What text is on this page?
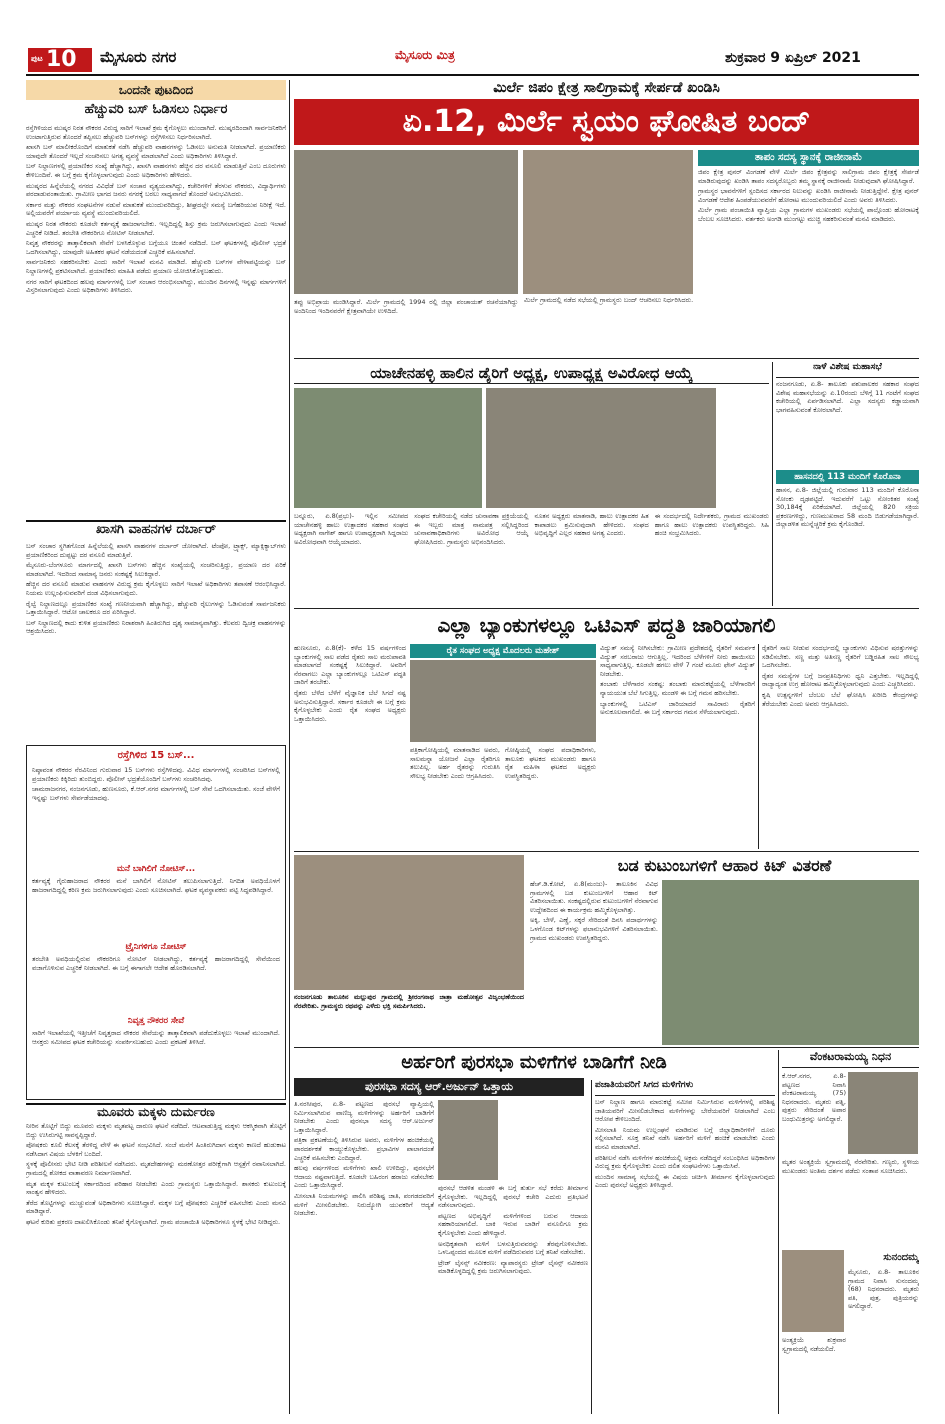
ಪುಟ 10 ಮೈಸೂರು ನಗರ	ಮೈಸೂರು ಮಿತ್ರ	ಶುಕ್ರವಾರ 9 ಏಪ್ರಿಲ್ 2021
ಒಂದನೇ ಪುಟದಿಂದ
ಹೆಚ್ಚುವರಿ ಬಸ್ ಓಡಿಸಲು ನಿರ್ಧಾರ

ರಸ್ತೆಗಿಳಿಯದ ಮುಷ್ಕರ ನಿರತ ನೌಕರರ ವಿರುದ್ಧ ಸಾರಿಗೆ ಇಲಾಖೆ ಕ್ರಮ ಕೈಗೊಳ್ಳಲು ಮುಂದಾಗಿದೆ. ಮುಷ್ಕರದಿಂದಾಗಿ ಸಾರ್ವಜನಿಕರಿಗೆ ಉಂಟಾಗುತ್ತಿರುವ ತೊಂದರೆ ತಪ್ಪಿಸಲು ಹೆಚ್ಚುವರಿ ಬಸ್‌ಗಳನ್ನು ರಸ್ತೆಗಿಳಿಸಲು ನಿರ್ಧರಿಸಲಾಗಿದೆ.

ಖಾಸಗಿ ಬಸ್ ಮಾಲೀಕರೊಂದಿಗೆ ಮಾತುಕತೆ ನಡೆಸಿ ಹೆಚ್ಚುವರಿ ವಾಹನಗಳನ್ನು ಓಡಿಸಲು ಅನುಮತಿ ನೀಡಲಾಗಿದೆ. ಪ್ರಯಾಣಿಕರು ಯಾವುದೇ ತೊಂದರೆ ಇಲ್ಲದೆ ಸಂಚರಿಸಲು ಅಗತ್ಯ ವ್ಯವಸ್ಥೆ ಮಾಡಲಾಗಿದೆ ಎಂದು ಅಧಿಕಾರಿಗಳು ತಿಳಿಸಿದ್ದಾರೆ.

ಬಸ್ ನಿಲ್ದಾಣಗಳಲ್ಲಿ ಪ್ರಯಾಣಿಕರ ಸಂಖ್ಯೆ ಹೆಚ್ಚಾಗಿದ್ದು, ಖಾಸಗಿ ವಾಹನಗಳು ಹೆಚ್ಚಿನ ದರ ವಸೂಲಿ ಮಾಡುತ್ತಿವೆ ಎಂಬ ದೂರುಗಳು ಕೇಳಿಬಂದಿವೆ. ಈ ಬಗ್ಗೆ ಕ್ರಮ ಕೈಗೊಳ್ಳಲಾಗುವುದು ಎಂದು ಅಧಿಕಾರಿಗಳು ಹೇಳಿದರು.

ಮುಷ್ಕರದ ಹಿನ್ನೆಲೆಯಲ್ಲಿ ನಗರದ ವಿವಿಧೆಡೆ ಬಸ್ ಸಂಚಾರ ವ್ಯತ್ಯಯವಾಗಿದ್ದು, ಕಚೇರಿಗಳಿಗೆ ತೆರಳುವ ನೌಕರರು, ವಿದ್ಯಾರ್ಥಿಗಳು ಪರದಾಡುವಂತಾಯಿತು. ಗ್ರಾಮೀಣ ಭಾಗದ ಜನರು ನಗರಕ್ಕೆ ಬರಲು ಸಾಧ್ಯವಾಗದೆ ತೊಂದರೆ ಅನುಭವಿಸಿದರು.

ಸರ್ಕಾರ ಮತ್ತು ನೌಕರರ ಸಂಘಟನೆಗಳ ನಡುವೆ ಮಾತುಕತೆ ಮುಂದುವರಿದಿದ್ದು, ಶೀಘ್ರದಲ್ಲೇ ಸಮಸ್ಯೆ ಬಗೆಹರಿಯುವ ನಿರೀಕ್ಷೆ ಇದೆ. ಅಲ್ಲಿಯವರೆಗೆ ಪರ್ಯಾಯ ವ್ಯವಸ್ಥೆ ಮುಂದುವರಿಯಲಿದೆ.

ಮುಷ್ಕರ ನಿರತ ನೌಕರರು ಕೂಡಲೇ ಕರ್ತವ್ಯಕ್ಕೆ ಹಾಜರಾಗಬೇಕು. ಇಲ್ಲದಿದ್ದಲ್ಲಿ ಶಿಸ್ತು ಕ್ರಮ ಜರುಗಿಸಲಾಗುವುದು ಎಂದು ಇಲಾಖೆ ಎಚ್ಚರಿಕೆ ನೀಡಿದೆ. ತರಬೇತಿ ನೌಕರರಿಗೂ ನೋಟಿಸ್ ನೀಡಲಾಗಿದೆ.

ನಿವೃತ್ತ ನೌಕರರನ್ನು ತಾತ್ಕಾಲಿಕವಾಗಿ ಸೇವೆಗೆ ಬಳಸಿಕೊಳ್ಳುವ ಬಗ್ಗೆಯೂ ಚಿಂತನೆ ನಡೆದಿದೆ. ಬಸ್ ಘಟಕಗಳಲ್ಲಿ ಪೊಲೀಸ್ ಭದ್ರತೆ ಒದಗಿಸಲಾಗಿದ್ದು, ಯಾವುದೇ ಅಹಿತಕರ ಘಟನೆ ನಡೆಯದಂತೆ ಎಚ್ಚರಿಕೆ ವಹಿಸಲಾಗಿದೆ.

ಸಾರ್ವಜನಿಕರು ಸಹಕರಿಸಬೇಕು ಎಂದು ಸಾರಿಗೆ ಇಲಾಖೆ ಮನವಿ ಮಾಡಿದೆ. ಹೆಚ್ಚುವರಿ ಬಸ್‌ಗಳ ವೇಳಾಪಟ್ಟಿಯನ್ನು ಬಸ್ ನಿಲ್ದಾಣಗಳಲ್ಲಿ ಪ್ರಕಟಿಸಲಾಗಿದೆ. ಪ್ರಯಾಣಿಕರು ಮಾಹಿತಿ ಪಡೆದು ಪ್ರಯಾಣ ಯೋಜಿಸಿಕೊಳ್ಳಬಹುದು.

ನಗರ ಸಾರಿಗೆ ಘಟಕದಿಂದ ಹಲವು ಮಾರ್ಗಗಳಲ್ಲಿ ಬಸ್ ಸಂಚಾರ ಆರಂಭಿಸಲಾಗಿದ್ದು, ಮುಂದಿನ ದಿನಗಳಲ್ಲಿ ಇನ್ನಷ್ಟು ಮಾರ್ಗಗಳಿಗೆ ವಿಸ್ತರಿಸಲಾಗುವುದು ಎಂದು ಅಧಿಕಾರಿಗಳು ತಿಳಿಸಿದರು.

ಖಾಸಗಿ ವಾಹನಗಳ ದರ್ಬಾರ್

ಬಸ್ ಸಂಚಾರ ಸ್ಥಗಿತಗೊಂಡ ಹಿನ್ನೆಲೆಯಲ್ಲಿ ಖಾಸಗಿ ವಾಹನಗಳ ದರ್ಬಾರ್ ಜೋರಾಗಿದೆ. ಟೆಂಪೋ, ಟ್ರ್ಯಾಕ್ಸ್, ಮ್ಯಾಕ್ಸಿಕ್ಯಾಬ್‌ಗಳು ಪ್ರಯಾಣಿಕರಿಂದ ದುಪ್ಪಟ್ಟು ದರ ವಸೂಲಿ ಮಾಡುತ್ತಿವೆ.

ಮೈಸೂರು-ಬೆಂಗಳೂರು ಮಾರ್ಗದಲ್ಲಿ ಖಾಸಗಿ ಬಸ್‌ಗಳು ಹೆಚ್ಚಿನ ಸಂಖ್ಯೆಯಲ್ಲಿ ಸಂಚರಿಸುತ್ತಿದ್ದು, ಪ್ರಯಾಣ ದರ ಏರಿಕೆ ಮಾಡಲಾಗಿದೆ. ಇದರಿಂದ ಸಾಮಾನ್ಯ ಜನರು ಸಂಕಷ್ಟಕ್ಕೆ ಸಿಲುಕಿದ್ದಾರೆ.

ಹೆಚ್ಚಿನ ದರ ವಸೂಲಿ ಮಾಡುವ ವಾಹನಗಳ ವಿರುದ್ಧ ಕ್ರಮ ಕೈಗೊಳ್ಳಲು ಸಾರಿಗೆ ಇಲಾಖೆ ಅಧಿಕಾರಿಗಳು ತಪಾಸಣೆ ಆರಂಭಿಸಿದ್ದಾರೆ. ನಿಯಮ ಉಲ್ಲಂಘಿಸುವವರಿಗೆ ದಂಡ ವಿಧಿಸಲಾಗುವುದು.

ರೈಲ್ವೆ ನಿಲ್ದಾಣದಲ್ಲೂ ಪ್ರಯಾಣಿಕರ ಸಂಖ್ಯೆ ಗಣನೀಯವಾಗಿ ಹೆಚ್ಚಾಗಿದ್ದು, ಹೆಚ್ಚುವರಿ ರೈಲುಗಳನ್ನು ಓಡಿಸುವಂತೆ ಸಾರ್ವಜನಿಕರು ಒತ್ತಾಯಿಸಿದ್ದಾರೆ. ಆಟೋ ಚಾಲಕರೂ ದರ ಏರಿಸಿದ್ದಾರೆ.

ಬಸ್ ನಿಲ್ದಾಣದಲ್ಲಿ ಕಾದು ಕುಳಿತ ಪ್ರಯಾಣಿಕರು ನಿರಾಶರಾಗಿ ಹಿಂತಿರುಗಿದ ದೃಶ್ಯ ಸಾಮಾನ್ಯವಾಗಿತ್ತು. ಕೆಲವರು ದ್ವಿಚಕ್ರ ವಾಹನಗಳನ್ನು ಆಶ್ರಯಿಸಿದರು.

ರಸ್ತೆಗಿಳಿದ 15 ಬಸ್...

ನಿಷ್ಠಾವಂತ ನೌಕರರ ನೆರವಿನಿಂದ ಗುರುವಾರ 15 ಬಸ್‌ಗಳು ರಸ್ತೆಗಿಳಿದವು. ವಿವಿಧ ಮಾರ್ಗಗಳಲ್ಲಿ ಸಂಚರಿಸಿದ ಬಸ್‌ಗಳಲ್ಲಿ ಪ್ರಯಾಣಿಕರು ಕಿಕ್ಕಿರಿದು ತುಂಬಿದ್ದರು. ಪೊಲೀಸ್ ಭದ್ರತೆಯೊಂದಿಗೆ ಬಸ್‌ಗಳು ಸಂಚರಿಸಿದವು.

ಚಾಮರಾಜನಗರ, ನಂಜನಗೂಡು, ಹುಣಸೂರು, ಕೆ.ಆರ್.ನಗರ ಮಾರ್ಗಗಳಲ್ಲಿ ಬಸ್ ಸೇವೆ ಒದಗಿಸಲಾಯಿತು. ಸಂಜೆ ವೇಳೆಗೆ ಇನ್ನಷ್ಟು ಬಸ್‌ಗಳು ಸೇರ್ಪಡೆಯಾದವು.

ಮನೆ ಬಾಗಿಲಿಗೆ ನೋಟಿಸ್...

ಕರ್ತವ್ಯಕ್ಕೆ ಗೈರುಹಾಜರಾದ ನೌಕರರ ಮನೆ ಬಾಗಿಲಿಗೆ ನೋಟಿಸ್ ತಲುಪಿಸಲಾಗುತ್ತಿದೆ. ನಿಗದಿತ ಅವಧಿಯೊಳಗೆ ಹಾಜರಾಗದಿದ್ದಲ್ಲಿ ಕಠಿಣ ಕ್ರಮ ಜರುಗಿಸಲಾಗುವುದು ಎಂದು ಸೂಚಿಸಲಾಗಿದೆ. ಘಟಕ ವ್ಯವಸ್ಥಾಪಕರು ಪಟ್ಟಿ ಸಿದ್ಧಪಡಿಸಿದ್ದಾರೆ.

ಟ್ರೈನಿಗಳಿಗೂ ನೋಟಿಸ್

ತರಬೇತಿ ಅವಧಿಯಲ್ಲಿರುವ ನೌಕರರಿಗೂ ನೋಟಿಸ್ ನೀಡಲಾಗಿದ್ದು, ಕರ್ತವ್ಯಕ್ಕೆ ಹಾಜರಾಗದಿದ್ದಲ್ಲಿ ಸೇವೆಯಿಂದ ವಜಾಗೊಳಿಸುವ ಎಚ್ಚರಿಕೆ ನೀಡಲಾಗಿದೆ. ಈ ಬಗ್ಗೆ ಈಗಾಗಲೇ ಆದೇಶ ಹೊರಡಿಸಲಾಗಿದೆ.

ನಿವೃತ್ತ ನೌಕರರ ಸೇವೆ

ಸಾರಿಗೆ ಇಲಾಖೆಯಲ್ಲಿ ಇತ್ತೀಚೆಗೆ ನಿವೃತ್ತರಾದ ನೌಕರರ ಸೇವೆಯನ್ನು ತಾತ್ಕಾಲಿಕವಾಗಿ ಪಡೆದುಕೊಳ್ಳಲು ಇಲಾಖೆ ಮುಂದಾಗಿದೆ. ಆಸಕ್ತರು ಸಮೀಪದ ಘಟಕ ಕಚೇರಿಯನ್ನು ಸಂಪರ್ಕಿಸಬಹುದು ಎಂದು ಪ್ರಕಟಣೆ ತಿಳಿಸಿದೆ.

ಮೂವರು ಮಕ್ಕಳು ದುರ್ಮರಣ

ನೀರಿನ ತೊಟ್ಟಿಗೆ ಬಿದ್ದು ಮೂವರು ಮಕ್ಕಳು ಮೃತಪಟ್ಟ ದಾರುಣ ಘಟನೆ ನಡೆದಿದೆ. ಆಟವಾಡುತ್ತಿದ್ದ ಮಕ್ಕಳು ಆಕಸ್ಮಿಕವಾಗಿ ತೊಟ್ಟಿಗೆ ಬಿದ್ದು ಉಸಿರುಗಟ್ಟಿ ಸಾವನ್ನಪ್ಪಿದ್ದಾರೆ.

ಪೋಷಕರು ಕೂಲಿ ಕೆಲಸಕ್ಕೆ ತೆರಳಿದ್ದ ವೇಳೆ ಈ ಘಟನೆ ಸಂಭವಿಸಿದೆ. ಸಂಜೆ ಮನೆಗೆ ಹಿಂತಿರುಗಿದಾಗ ಮಕ್ಕಳು ಕಾಣದೆ ಹುಡುಕಾಟ ನಡೆಸಿದಾಗ ವಿಷಯ ಬೆಳಕಿಗೆ ಬಂದಿದೆ.

ಸ್ಥಳಕ್ಕೆ ಪೊಲೀಸರು ಭೇಟಿ ನೀಡಿ ಪರಿಶೀಲನೆ ನಡೆಸಿದರು. ಮೃತದೇಹಗಳನ್ನು ಮರಣೋತ್ತರ ಪರೀಕ್ಷೆಗಾಗಿ ಆಸ್ಪತ್ರೆಗೆ ರವಾನಿಸಲಾಗಿದೆ. ಗ್ರಾಮದಲ್ಲಿ ಶೋಕದ ವಾತಾವರಣ ನಿರ್ಮಾಣವಾಗಿದೆ.

ಮೃತ ಮಕ್ಕಳ ಕುಟುಂಬಕ್ಕೆ ಸರ್ಕಾರದಿಂದ ಪರಿಹಾರ ನೀಡಬೇಕು ಎಂದು ಗ್ರಾಮಸ್ಥರು ಒತ್ತಾಯಿಸಿದ್ದಾರೆ. ಶಾಸಕರು ಕುಟುಂಬಕ್ಕೆ ಸಾಂತ್ವನ ಹೇಳಿದರು.

ತೆರೆದ ತೊಟ್ಟಿಗಳನ್ನು ಮುಚ್ಚುವಂತೆ ಅಧಿಕಾರಿಗಳು ಸೂಚಿಸಿದ್ದಾರೆ. ಮಕ್ಕಳ ಬಗ್ಗೆ ಪೋಷಕರು ಎಚ್ಚರಿಕೆ ವಹಿಸಬೇಕು ಎಂದು ಮನವಿ ಮಾಡಿದ್ದಾರೆ.

ಘಟನೆ ಕುರಿತು ಪ್ರಕರಣ ದಾಖಲಿಸಿಕೊಂಡು ತನಿಖೆ ಕೈಗೊಳ್ಳಲಾಗಿದೆ. ಗ್ರಾಮ ಪಂಚಾಯಿತಿ ಅಧಿಕಾರಿಗಳೂ ಸ್ಥಳಕ್ಕೆ ಭೇಟಿ ನೀಡಿದ್ದರು.

ಮಿರ್ಲೆ ಜಿಪಂ ಕ್ಷೇತ್ರ ಸಾಲಿಗ್ರಾಮಕ್ಕೆ ಸೇರ್ಪಡೆ ಖಂಡಿಸಿ
ಏ.12, ಮಿರ್ಲೆ ಸ್ವಯಂ ಘೋಷಿತ ಬಂದ್

ಮಿರ್ಲೆ ಗ್ರಾಮದಲ್ಲಿ ನಡೆದ ಸಭೆಯಲ್ಲಿ ಗ್ರಾಮಸ್ಥರು ಬಂದ್ ಆಚರಿಸಲು ನಿರ್ಧರಿಸಿದರು.

ತಪ್ಪು ಅಭಿಪ್ರಾಯ ಮಂಡಿಸಿದ್ದಾರೆ. ಮಿರ್ಲೆ ಗ್ರಾಮದಲ್ಲಿ 1994 ರಲ್ಲಿ ಜಿಲ್ಲಾ ಪಂಚಾಯತ್ ರಚನೆಯಾಗಿದ್ದು ಅಂದಿನಿಂದ ಇಂದಿನವರೆಗೆ ಕ್ಷೇತ್ರವಾಗಿಯೇ ಉಳಿದಿದೆ.

ತಾಪಂ ಸದಸ್ಯ ಸ್ಥಾನಕ್ಕೆ ರಾಜೀನಾಮೆ

ಜಿಪಂ ಕ್ಷೇತ್ರ ಪುನರ್ ವಿಂಗಡಣೆ ವೇಳೆ ಮಿರ್ಲೆ ಜಿಪಂ ಕ್ಷೇತ್ರವನ್ನು ಸಾಲಿಗ್ರಾಮ ಜಿಪಂ ಕ್ಷೇತ್ರಕ್ಕೆ ಸೇರ್ಪಡೆ ಮಾಡಿರುವುದನ್ನು ಖಂಡಿಸಿ ತಾಪಂ ಸದಸ್ಯರೊಬ್ಬರು ತಮ್ಮ ಸ್ಥಾನಕ್ಕೆ ರಾಜೀನಾಮೆ ನೀಡುವುದಾಗಿ ಘೋಷಿಸಿದ್ದಾರೆ.

ಗ್ರಾಮಸ್ಥರ ಭಾವನೆಗಳಿಗೆ ಸ್ಪಂದಿಸದ ಸರ್ಕಾರದ ನಿಲುವನ್ನು ಖಂಡಿಸಿ ರಾಜೀನಾಮೆ ನೀಡುತ್ತಿದ್ದೇನೆ. ಕ್ಷೇತ್ರ ಪುನರ್ ವಿಂಗಡಣೆ ಆದೇಶ ಹಿಂಪಡೆಯುವವರೆಗೆ ಹೋರಾಟ ಮುಂದುವರಿಯಲಿದೆ ಎಂದು ಅವರು ತಿಳಿಸಿದರು.

ಮಿರ್ಲೆ ಗ್ರಾಮ ಪಂಚಾಯಿತಿ ವ್ಯಾಪ್ತಿಯ ಎಲ್ಲಾ ಗ್ರಾಮಗಳ ಮುಖಂಡರು ಸಭೆಯಲ್ಲಿ ಪಾಲ್ಗೊಂಡು ಹೋರಾಟಕ್ಕೆ ಬೆಂಬಲ ಸೂಚಿಸಿದರು. ವರ್ತಕರು ಅಂಗಡಿ ಮುಂಗಟ್ಟು ಮುಚ್ಚಿ ಸಹಕರಿಸುವಂತೆ ಮನವಿ ಮಾಡಿದರು.

ಯಾಚೇನಹಳ್ಳಿ ಹಾಲಿನ ಡೈರಿಗೆ ಅಧ್ಯಕ್ಷ, ಉಪಾಧ್ಯಕ್ಷ ಅವಿರೋಧ ಆಯ್ಕೆ

ಬನ್ನೂರು, ಏ.8(ಪ್ರಭು)- ಇಲ್ಲಿನ ಸಮೀಪದ ಯಾಚೇನಹಳ್ಳಿ ಹಾಲು ಉತ್ಪಾದಕರ ಸಹಕಾರ ಸಂಘದ ಅಧ್ಯಕ್ಷರಾಗಿ ನಾಗೇಶ್ ಹಾಗೂ ಉಪಾಧ್ಯಕ್ಷರಾಗಿ ಸಿದ್ದರಾಜು ಅವಿರೋಧವಾಗಿ ಆಯ್ಕೆಯಾದರು.

ಸಂಘದ ಕಚೇರಿಯಲ್ಲಿ ನಡೆದ ಚುನಾವಣಾ ಪ್ರಕ್ರಿಯೆಯಲ್ಲಿ ಈ ಇಬ್ಬರು ಮಾತ್ರ ನಾಮಪತ್ರ ಸಲ್ಲಿಸಿದ್ದರಿಂದ ಚುನಾವಣಾಧಿಕಾರಿಗಳು ಅವಿರೋಧ ಆಯ್ಕೆ ಘೋಷಿಸಿದರು. ಗ್ರಾಮಸ್ಥರು ಅಭಿನಂದಿಸಿದರು.

ನೂತನ ಅಧ್ಯಕ್ಷರು ಮಾತನಾಡಿ, ಹಾಲು ಉತ್ಪಾದಕರ ಹಿತ ಕಾಪಾಡಲು ಶ್ರಮಿಸುವುದಾಗಿ ಹೇಳಿದರು. ಸಂಘದ ಅಭಿವೃದ್ಧಿಗೆ ಎಲ್ಲರ ಸಹಕಾರ ಅಗತ್ಯ ಎಂದರು.

ಈ ಸಂದರ್ಭದಲ್ಲಿ ನಿರ್ದೇಶಕರು, ಗ್ರಾಮದ ಮುಖಂಡರು ಹಾಗೂ ಹಾಲು ಉತ್ಪಾದಕರು ಉಪಸ್ಥಿತರಿದ್ದರು. ಸಿಹಿ ಹಂಚಿ ಸಂಭ್ರಮಿಸಿದರು.

ನಾಳೆ ವಿಶೇಷ ಮಹಾಸಭೆ

ನಂಜನಗೂಡು, ಏ.8- ತಾಲೂಕು ಪಶುಪಾಲಕರ ಸಹಕಾರ ಸಂಘದ ವಿಶೇಷ ಮಹಾಸಭೆಯನ್ನು ಏ.10ರಂದು ಬೆಳಿಗ್ಗೆ 11 ಗಂಟೆಗೆ ಸಂಘದ ಕಚೇರಿಯಲ್ಲಿ ಏರ್ಪಡಿಸಲಾಗಿದೆ. ಎಲ್ಲಾ ಸದಸ್ಯರು ಕಡ್ಡಾಯವಾಗಿ ಭಾಗವಹಿಸುವಂತೆ ಕೋರಲಾಗಿದೆ.

ಹಾಸನದಲ್ಲಿ 113 ಮಂದಿಗೆ ಕೊರೊನಾ

ಹಾಸನ, ಏ.8- ಜಿಲ್ಲೆಯಲ್ಲಿ ಗುರುವಾರ 113 ಮಂದಿಗೆ ಕೊರೊನಾ ಸೋಂಕು ದೃಢಪಟ್ಟಿದೆ. ಇದುವರೆಗೆ ಒಟ್ಟು ಸೋಂಕಿತರ ಸಂಖ್ಯೆ 30,184ಕ್ಕೆ ಏರಿಕೆಯಾಗಿದೆ. ಜಿಲ್ಲೆಯಲ್ಲಿ 820 ಸಕ್ರಿಯ ಪ್ರಕರಣಗಳಿದ್ದು, ಗುಣಮುಖರಾದ 58 ಮಂದಿ ಬಿಡುಗಡೆಯಾಗಿದ್ದಾರೆ. ಜಿಲ್ಲಾಡಳಿತ ಮುನ್ನೆಚ್ಚರಿಕೆ ಕ್ರಮ ಕೈಗೊಂಡಿದೆ.

ಎಲ್ಲಾ ಬ್ಯಾಂಕುಗಳಲ್ಲೂ ಒಟಿಎಸ್ ಪದ್ಧತಿ ಜಾರಿಯಾಗಲಿ

ಹುಣಸೂರು, ಏ.8(ಕೆ)- ಕಳೆದ 15 ವರ್ಷಗಳಿಂದ ಬ್ಯಾಂಕುಗಳಲ್ಲಿ ಸಾಲ ಪಡೆದ ರೈತರು ಸಾಲ ಮರುಪಾವತಿ ಮಾಡಲಾಗದೆ ಸಂಕಷ್ಟಕ್ಕೆ ಸಿಲುಕಿದ್ದಾರೆ. ಅವರಿಗೆ ನೆರವಾಗಲು ಎಲ್ಲಾ ಬ್ಯಾಂಕುಗಳಲ್ಲೂ ಒಟಿಎಸ್ ಪದ್ಧತಿ ಜಾರಿಗೆ ತರಬೇಕು.

ರೈತರು ಬೆಳೆದ ಬೆಳೆಗೆ ವೈಜ್ಞಾನಿಕ ಬೆಲೆ ಸಿಗದೆ ನಷ್ಟ ಅನುಭವಿಸುತ್ತಿದ್ದಾರೆ. ಸರ್ಕಾರ ಕೂಡಲೇ ಈ ಬಗ್ಗೆ ಕ್ರಮ ಕೈಗೊಳ್ಳಬೇಕು ಎಂದು ರೈತ ಸಂಘದ ಅಧ್ಯಕ್ಷರು ಒತ್ತಾಯಿಸಿದರು.

ರೈತ ಸಂಘದ ಅಧ್ಯಕ್ಷ ಮೊದಲರು ಮಹೇಶ್

ಪತ್ರಿಕಾಗೋಷ್ಠಿಯಲ್ಲಿ ಮಾತನಾಡಿದ ಅವರು, ಸಾಲಮನ್ನಾ ಯೋಜನೆ ಎಲ್ಲಾ ರೈತರಿಗೂ ತಲುಪಿಲ್ಲ. ಅರ್ಹ ರೈತರನ್ನು ಗುರುತಿಸಿ ಸೌಲಭ್ಯ ನೀಡಬೇಕು ಎಂದು ಆಗ್ರಹಿಸಿದರು.

ಗೋಷ್ಠಿಯಲ್ಲಿ ಸಂಘದ ಪದಾಧಿಕಾರಿಗಳು, ತಾಲೂಕು ಘಟಕದ ಮುಖಂಡರು ಹಾಗೂ ರೈತ ಮಹಿಳಾ ಘಟಕದ ಅಧ್ಯಕ್ಷರು ಉಪಸ್ಥಿತರಿದ್ದರು.

ವಿದ್ಯುತ್ ಸಮಸ್ಯೆ ನೀಗಿಸಬೇಕು: ಗ್ರಾಮೀಣ ಪ್ರದೇಶದಲ್ಲಿ ರೈತರಿಗೆ ಸಮರ್ಪಕ ವಿದ್ಯುತ್ ಸರಬರಾಜು ಆಗುತ್ತಿಲ್ಲ. ಇದರಿಂದ ಬೆಳೆಗಳಿಗೆ ನೀರು ಹಾಯಿಸಲು ಸಾಧ್ಯವಾಗುತ್ತಿಲ್ಲ. ಕೂಡಲೇ ಹಗಲು ವೇಳೆ 7 ಗಂಟೆ ಮೂರು ಫೇಸ್ ವಿದ್ಯುತ್ ನೀಡಬೇಕು.

ತಂಬಾಕು ಬೆಳೆಗಾರರ ಸಂಕಷ್ಟ: ತಂಬಾಕು ಮಾರುಕಟ್ಟೆಯಲ್ಲಿ ಬೆಳೆಗಾರರಿಗೆ ನ್ಯಾಯಯುತ ಬೆಲೆ ಸಿಗುತ್ತಿಲ್ಲ. ಮಂಡಳಿ ಈ ಬಗ್ಗೆ ಗಮನ ಹರಿಸಬೇಕು.

ಬ್ಯಾಂಕುಗಳಲ್ಲಿ ಒಟಿಎಸ್ ಜಾರಿಯಾದರೆ ಸಾವಿರಾರು ರೈತರಿಗೆ ಅನುಕೂಲವಾಗಲಿದೆ. ಈ ಬಗ್ಗೆ ಸರ್ಕಾರದ ಗಮನ ಸೆಳೆಯಲಾಗುವುದು.

ರೈತರಿಗೆ ಸಾಲ ನೀಡುವ ಸಂದರ್ಭದಲ್ಲಿ ಬ್ಯಾಂಕುಗಳು ವಿಧಿಸುವ ಷರತ್ತುಗಳನ್ನು ಸಡಿಲಿಸಬೇಕು. ಸಣ್ಣ ಮತ್ತು ಅತಿಸಣ್ಣ ರೈತರಿಗೆ ಬಡ್ಡಿರಹಿತ ಸಾಲ ಸೌಲಭ್ಯ ಒದಗಿಸಬೇಕು.

ರೈತರ ಸಮಸ್ಯೆಗಳ ಬಗ್ಗೆ ಜನಪ್ರತಿನಿಧಿಗಳು ಧ್ವನಿ ಎತ್ತಬೇಕು. ಇಲ್ಲದಿದ್ದಲ್ಲಿ ರಾಜ್ಯಾದ್ಯಂತ ಉಗ್ರ ಹೋರಾಟ ಹಮ್ಮಿಕೊಳ್ಳಲಾಗುವುದು ಎಂದು ಎಚ್ಚರಿಸಿದರು.

ಕೃಷಿ ಉತ್ಪನ್ನಗಳಿಗೆ ಬೆಂಬಲ ಬೆಲೆ ಘೋಷಿಸಿ ಖರೀದಿ ಕೇಂದ್ರಗಳನ್ನು ತೆರೆಯಬೇಕು ಎಂದು ಅವರು ಆಗ್ರಹಿಸಿದರು.

ನಂಜನಗೂಡು ತಾಲೂಕಿನ ಮಲ್ಲುಪುರ ಗ್ರಾಮದಲ್ಲಿ ಶ್ರೀರಂಗನಾಥ ಜಾತ್ರಾ ಮಹೋತ್ಸವ ವಿಜೃಂಭಣೆಯಿಂದ ನೆರವೇರಿತು. ಗ್ರಾಮಸ್ಥರು ರಥವನ್ನು ಎಳೆದು ಭಕ್ತಿ ಸಮರ್ಪಿಸಿದರು.
ಬಡ ಕುಟುಂಬಗಳಿಗೆ ಆಹಾರ ಕಿಟ್ ವಿತರಣೆ

ಹೆಚ್.ಡಿ.ಕೋಟೆ, ಏ.8(ಮಂಜು)- ತಾಲೂಕಿನ ವಿವಿಧ ಗ್ರಾಮಗಳಲ್ಲಿ ಬಡ ಕುಟುಂಬಗಳಿಗೆ ಆಹಾರ ಕಿಟ್ ವಿತರಿಸಲಾಯಿತು. ಸಂಕಷ್ಟದಲ್ಲಿರುವ ಕುಟುಂಬಗಳಿಗೆ ನೆರವಾಗುವ ಉದ್ದೇಶದಿಂದ ಈ ಕಾರ್ಯಕ್ರಮ ಹಮ್ಮಿಕೊಳ್ಳಲಾಗಿತ್ತು.

ಅಕ್ಕಿ, ಬೇಳೆ, ಎಣ್ಣೆ, ಸಕ್ಕರೆ ಸೇರಿದಂತೆ ದಿನಸಿ ಪದಾರ್ಥಗಳನ್ನು ಒಳಗೊಂಡ ಕಿಟ್‌ಗಳನ್ನು ಫಲಾನುಭವಿಗಳಿಗೆ ವಿತರಿಸಲಾಯಿತು. ಗ್ರಾಮದ ಮುಖಂಡರು ಉಪಸ್ಥಿತರಿದ್ದರು.

ಅರ್ಹರಿಗೆ ಪುರಸಭಾ ಮಳಿಗೆಗಳ ಬಾಡಿಗೆಗೆ ನೀಡಿ
ಪುರಸಭಾ ಸದಸ್ಯ ಆರ್.ಅರ್ಜುನ್ ಒತ್ತಾಯ

ತಿ.ನರಸೀಪುರ, ಏ.8- ಪಟ್ಟಣದ ಪುರಸಭೆ ವ್ಯಾಪ್ತಿಯಲ್ಲಿ ನಿರ್ಮಿಸಲಾಗಿರುವ ವಾಣಿಜ್ಯ ಮಳಿಗೆಗಳನ್ನು ಅರ್ಹರಿಗೆ ಬಾಡಿಗೆಗೆ ನೀಡಬೇಕು ಎಂದು ಪುರಸಭಾ ಸದಸ್ಯ ಆರ್.ಅರ್ಜುನ್ ಒತ್ತಾಯಿಸಿದ್ದಾರೆ.

ಪತ್ರಿಕಾ ಪ್ರಕಟಣೆಯಲ್ಲಿ ತಿಳಿಸಿರುವ ಅವರು, ಮಳಿಗೆಗಳ ಹಂಚಿಕೆಯಲ್ಲಿ ಪಾರದರ್ಶಕತೆ ಕಾಯ್ದುಕೊಳ್ಳಬೇಕು. ಪ್ರಭಾವಿಗಳ ಪಾಲಾಗದಂತೆ ಎಚ್ಚರಿಕೆ ವಹಿಸಬೇಕು ಎಂದಿದ್ದಾರೆ.

ಹಲವು ವರ್ಷಗಳಿಂದ ಮಳಿಗೆಗಳು ಖಾಲಿ ಉಳಿದಿದ್ದು, ಪುರಸಭೆಗೆ ಆದಾಯ ನಷ್ಟವಾಗುತ್ತಿದೆ. ಕೂಡಲೇ ಬಹಿರಂಗ ಹರಾಜು ನಡೆಸಬೇಕು ಎಂದು ಒತ್ತಾಯಿಸಿದ್ದಾರೆ.

ಮೀಸಲಾತಿ ನಿಯಮಗಳನ್ನು ಪಾಲಿಸಿ ಪರಿಶಿಷ್ಟ ಜಾತಿ, ಪಂಗಡದವರಿಗೆ ಮಳಿಗೆ ಮೀಸಲಿಡಬೇಕು. ನಿರುದ್ಯೋಗಿ ಯುವಕರಿಗೆ ಆದ್ಯತೆ ನೀಡಬೇಕು.

ಪುರಸಭೆ ಆಡಳಿತ ಮಂಡಳಿ ಈ ಬಗ್ಗೆ ತುರ್ತು ಸಭೆ ಕರೆದು ತೀರ್ಮಾನ ಕೈಗೊಳ್ಳಬೇಕು. ಇಲ್ಲದಿದ್ದಲ್ಲಿ ಪುರಸಭೆ ಕಚೇರಿ ಎದುರು ಪ್ರತಿಭಟನೆ ನಡೆಸಲಾಗುವುದು.

ಪಟ್ಟಣದ ಅಭಿವೃದ್ಧಿಗೆ ಮಳಿಗೆಗಳಿಂದ ಬರುವ ಆದಾಯ ಸಹಕಾರಿಯಾಗಲಿದೆ. ಬಾಕಿ ಇರುವ ಬಾಡಿಗೆ ವಸೂಲಿಗೂ ಕ್ರಮ ಕೈಗೊಳ್ಳಬೇಕು ಎಂದು ಹೇಳಿದ್ದಾರೆ.

ಅನಧಿಕೃತವಾಗಿ ಮಳಿಗೆ ಬಳಸುತ್ತಿರುವವರನ್ನು ತೆರವುಗೊಳಿಸಬೇಕು. ಒಳಒಪ್ಪಂದದ ಮೂಲಕ ಮಳಿಗೆ ಪಡೆದಿರುವವರ ಬಗ್ಗೆ ತನಿಖೆ ನಡೆಸಬೇಕು.

ಟ್ರೇಡ್ ಲೈಸನ್ಸ್ ನವೀಕರಣ: ವ್ಯಾಪಾರಸ್ಥರು ಟ್ರೇಡ್ ಲೈಸನ್ಸ್ ನವೀಕರಣ ಮಾಡಿಕೊಳ್ಳದಿದ್ದಲ್ಲಿ ಕ್ರಮ ಜರುಗಿಸಲಾಗುವುದು.

ಪಜಾತಿಯವರಿಗೆ ಸಿಗದ ಮಳಿಗೆಗಳು

ಬಸ್ ನಿಲ್ದಾಣ ಹಾಗೂ ಮಾರುಕಟ್ಟೆ ಸಮೀಪ ನಿರ್ಮಿಸಿರುವ ಮಳಿಗೆಗಳಲ್ಲಿ ಪರಿಶಿಷ್ಟ ಜಾತಿಯವರಿಗೆ ಮೀಸಲಿಡಬೇಕಾದ ಮಳಿಗೆಗಳನ್ನು ಬೇರೆಯವರಿಗೆ ನೀಡಲಾಗಿದೆ ಎಂಬ ಆರೋಪ ಕೇಳಿಬಂದಿದೆ.

ಮೀಸಲಾತಿ ನಿಯಮ ಉಲ್ಲಂಘನೆ ಮಾಡಿರುವ ಬಗ್ಗೆ ಜಿಲ್ಲಾಧಿಕಾರಿಗಳಿಗೆ ದೂರು ಸಲ್ಲಿಸಲಾಗಿದೆ. ಸೂಕ್ತ ತನಿಖೆ ನಡೆಸಿ ಅರ್ಹರಿಗೆ ಮಳಿಗೆ ಹಂಚಿಕೆ ಮಾಡಬೇಕು ಎಂದು ಮನವಿ ಮಾಡಲಾಗಿದೆ.

ಪರಿಶೀಲನೆ ನಡೆಸಿ ಮಳಿಗೆಗಳ ಹಂಚಿಕೆಯಲ್ಲಿ ಅಕ್ರಮ ನಡೆದಿದ್ದರೆ ಸಂಬಂಧಿಸಿದ ಅಧಿಕಾರಿಗಳ ವಿರುದ್ಧ ಕ್ರಮ ಕೈಗೊಳ್ಳಬೇಕು ಎಂದು ದಲಿತ ಸಂಘಟನೆಗಳು ಒತ್ತಾಯಿಸಿವೆ.

ಮುಂದಿನ ಸಾಮಾನ್ಯ ಸಭೆಯಲ್ಲಿ ಈ ವಿಷಯ ಚರ್ಚಿಸಿ ತೀರ್ಮಾನ ಕೈಗೊಳ್ಳಲಾಗುವುದು ಎಂದು ಪುರಸಭೆ ಅಧ್ಯಕ್ಷರು ತಿಳಿಸಿದ್ದಾರೆ.

ವೆಂಕಟರಾಮಯ್ಯ ನಿಧನ

ಕೆ.ಆರ್.ನಗರ, ಏ.8- ಪಟ್ಟಣದ ನಿವಾಸಿ ವೆಂಕಟರಾಮಯ್ಯ (75) ನಿಧನರಾದರು. ಮೃತರು ಪತ್ನಿ, ಪುತ್ರರು ಸೇರಿದಂತೆ ಅಪಾರ ಬಂಧುಮಿತ್ರರನ್ನು ಅಗಲಿದ್ದಾರೆ.

ಮೃತರ ಅಂತ್ಯಕ್ರಿಯೆ ಸ್ವಗ್ರಾಮದಲ್ಲಿ ನೆರವೇರಿತು. ಗಣ್ಯರು, ಸ್ಥಳೀಯ ಮುಖಂಡರು ಅಂತಿಮ ದರ್ಶನ ಪಡೆದು ಸಂತಾಪ ಸೂಚಿಸಿದರು.

ಸುನಂದಮ್ಮ

ಮೈಸೂರು, ಏ.8- ತಾಲೂಕಿನ ಗ್ರಾಮದ ನಿವಾಸಿ ಸುನಂದಮ್ಮ (68) ನಿಧನರಾದರು. ಮೃತರು ಪತಿ, ಪುತ್ರ, ಪುತ್ರಿಯರನ್ನು ಅಗಲಿದ್ದಾರೆ.

ಅಂತ್ಯಕ್ರಿಯೆ ಶುಕ್ರವಾರ ಸ್ವಗ್ರಾಮದಲ್ಲಿ ನಡೆಯಲಿದೆ.
